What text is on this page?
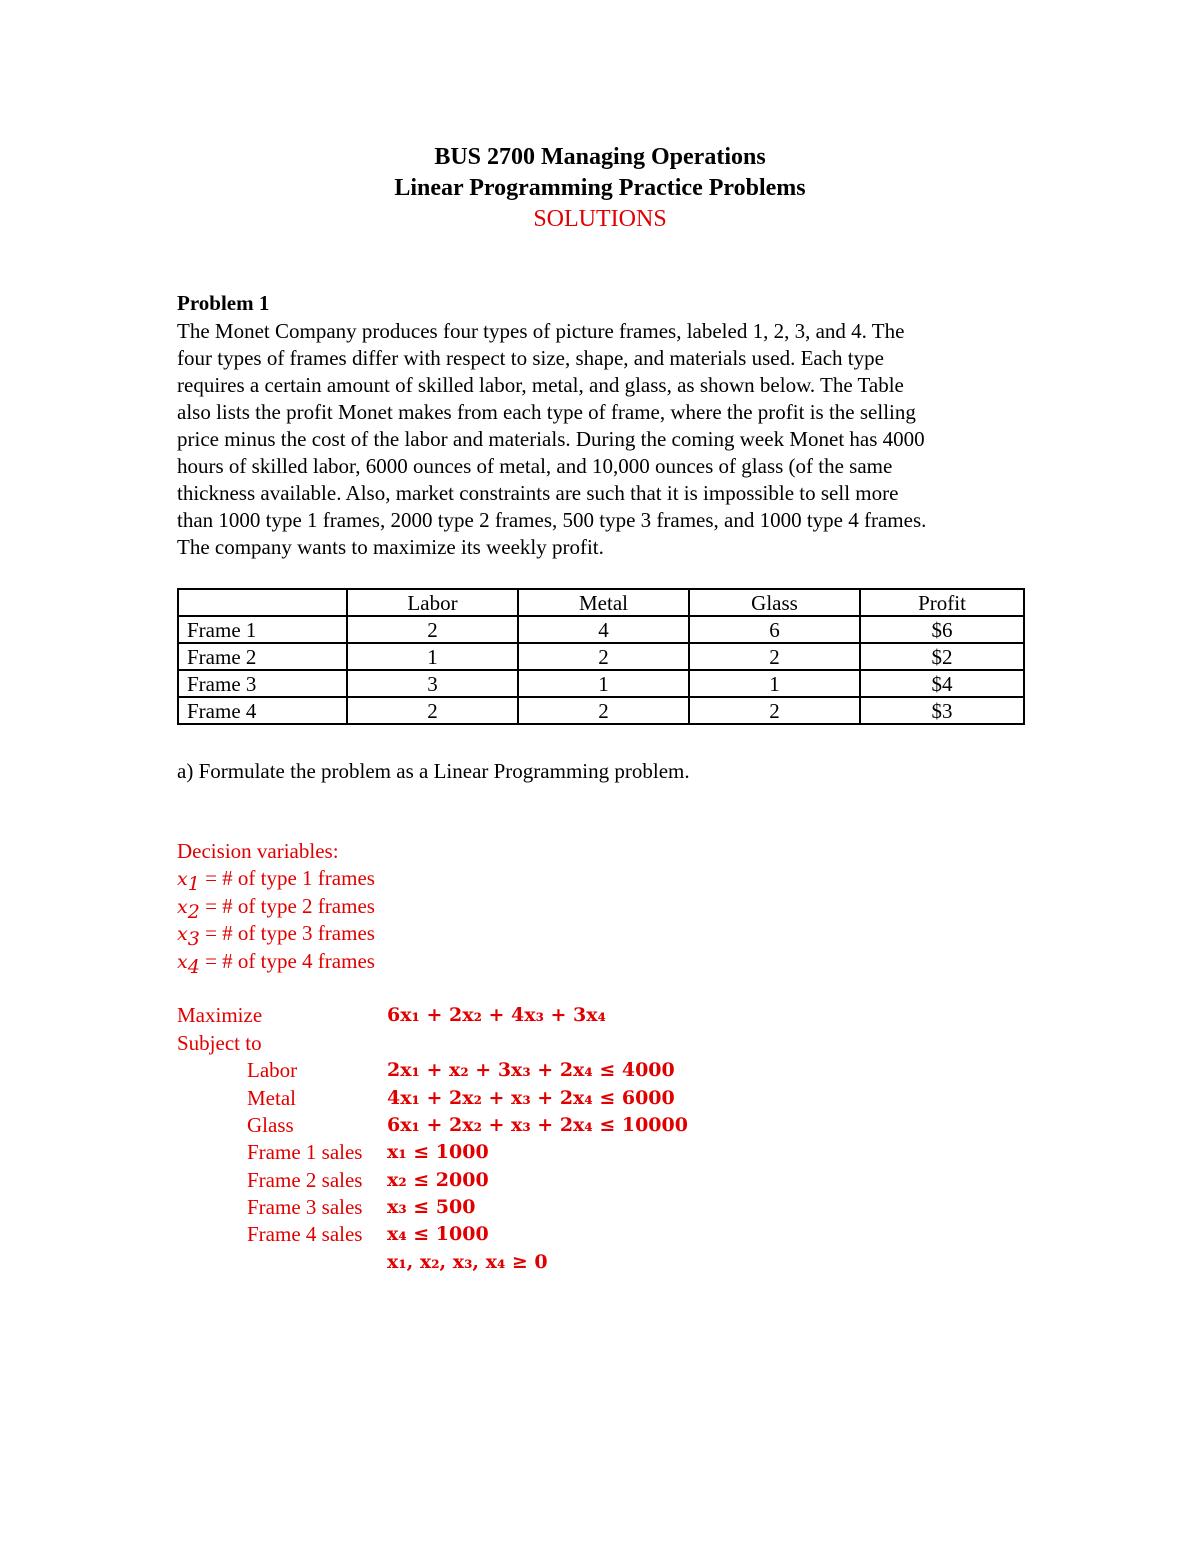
BUS 2700 Managing Operations
Linear Programming Practice Problems
SOLUTIONS
Problem 1
The Monet Company produces four types of picture frames, labeled 1, 2, 3, and 4. The
four types of frames differ with respect to size, shape, and materials used. Each type
requires a certain amount of skilled labor, metal, and glass, as shown below. The Table
also lists the profit Monet makes from each type of frame, where the profit is the selling
price minus the cost of the labor and materials. During the coming week Monet has 4000
hours of skilled labor, 6000 ounces of metal, and 10,000 ounces of glass (of the same
thickness available. Also, market constraints are such that it is impossible to sell more
than 1000 type 1 frames, 2000 type 2 frames, 500 type 3 frames, and 1000 type 4 frames.
The company wants to maximize its weekly profit.
	Labor	Metal	Glass	Profit
Frame 1	2	4	6	$6
Frame 2	1	2	2	$2
Frame 3	3	1	1	$4
Frame 4	2	2	2	$3
a) Formulate the problem as a Linear Programming problem.
Decision variables:
$x_1$ = # of type 1 frames
$x_2$ = # of type 2 frames
$x_3$ = # of type 3 frames
$x_4$ = # of type 4 frames
Maximize	6x₁ + 2x₂ + 4x₃ + 3x₄
Subject to
Labor	2x₁ + x₂ + 3x₃ + 2x₄ ≤ 4000
Metal	4x₁ + 2x₂ + x₃ + 2x₄ ≤ 6000
Glass	6x₁ + 2x₂ + x₃ + 2x₄ ≤ 10000
Frame 1 sales x₁ ≤ 1000
Frame 2 sales x₂ ≤ 2000
Frame 3 sales x₃ ≤ 500
Frame 4 sales x₄ ≤ 1000
x₁, x₂, x₃, x₄ ≥ 0
